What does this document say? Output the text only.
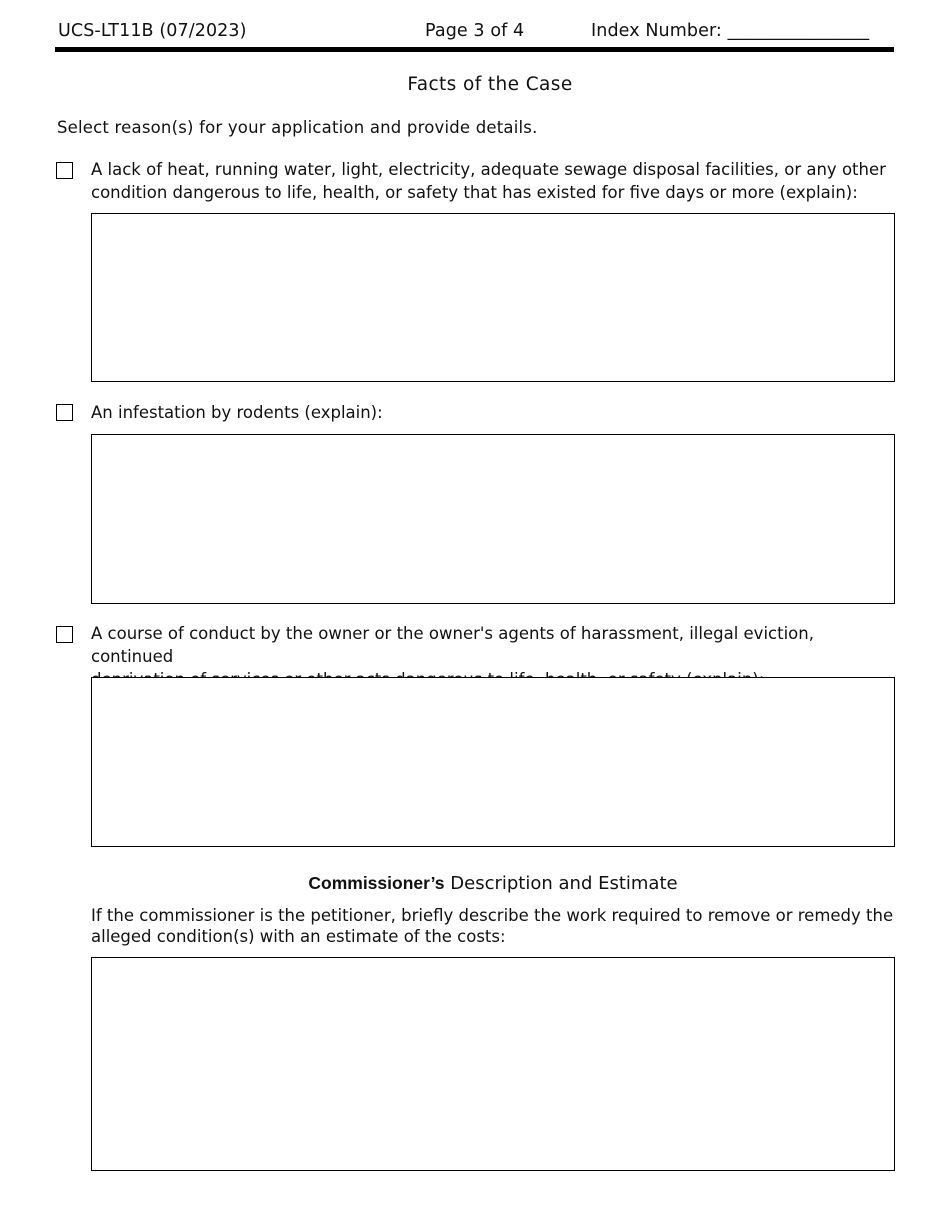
UCS-LT11B (07/2023)	Page 3 of 4	Index Number: ________________
Facts of the Case
Select reason(s) for your application and provide details.
A lack of heat, running water, light, electricity, adequate sewage disposal facilities, or any other
condition dangerous to life, health, or safety that has existed for five days or more (explain):
An infestation by rodents (explain):
A course of conduct by the owner or the owner's agents of harassment, illegal eviction, continued
Commissioner’s Description and Estimate
If the commissioner is the petitioner, briefly describe the work required to remove or remedy the
alleged condition(s) with an estimate of the costs:
